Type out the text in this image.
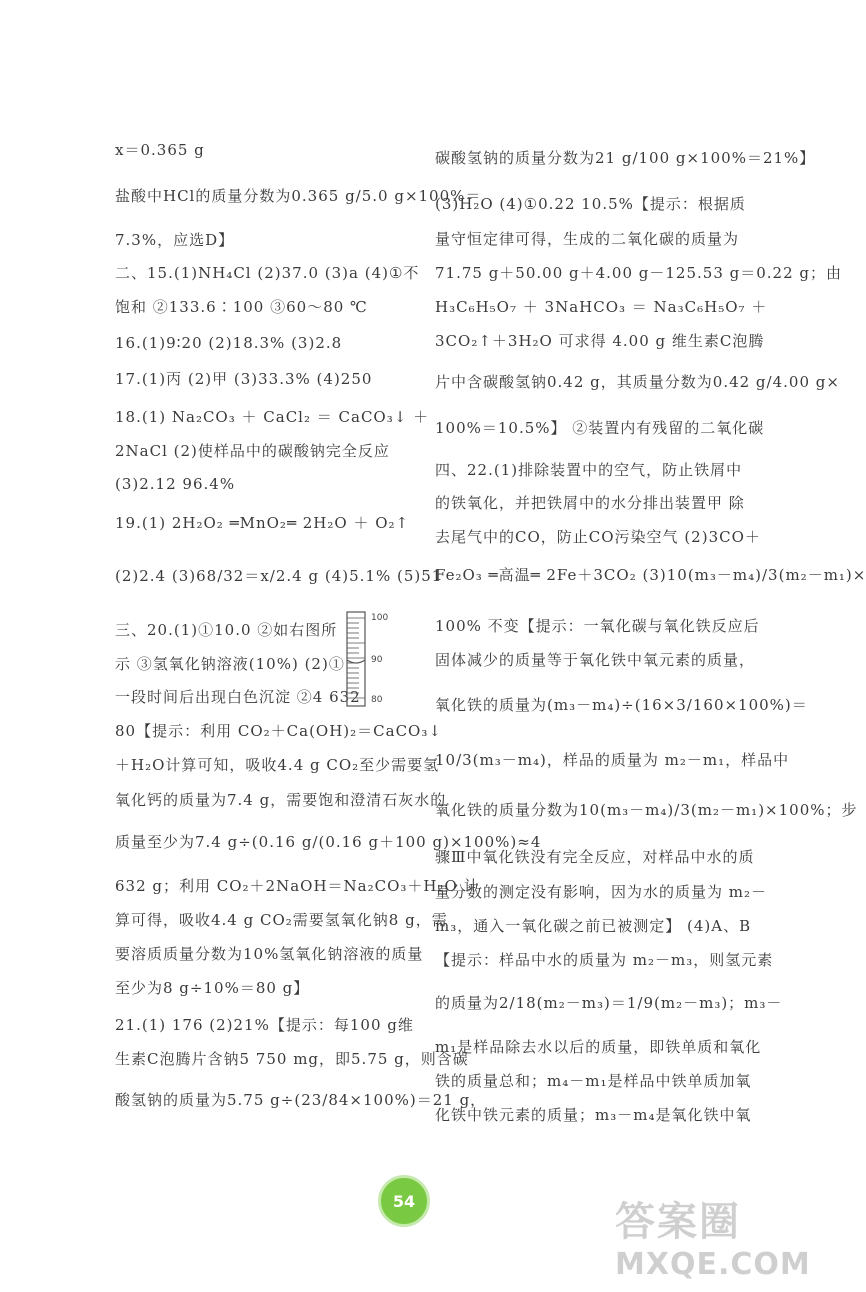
x＝0.365 g
盐酸中HCl的质量分数为0.365 g/5.0 g×100%＝
7.3%，应选D】
二、15.(1)NH₄Cl (2)37.0 (3)a (4)①不
饱和 ②133.6∶100 ③60～80 ℃
16.(1)9∶20 (2)18.3% (3)2.8
17.(1)丙 (2)甲 (3)33.3% (4)250
18.(1) Na₂CO₃ ＋ CaCl₂ ＝ CaCO₃↓ ＋
2NaCl (2)使样品中的碳酸钠完全反应
(3)2.12 96.4%
19.(1) 2H₂O₂ ═MnO₂═ 2H₂O ＋ O₂↑
(2)2.4 (3)68/32＝x/2.4 g (4)5.1% (5)51
三、20.(1)①10.0 ②如右图所
示 ③氢氧化钠溶液(10%) (2)①
一段时间后出现白色沉淀 ②4 632
80【提示：利用 CO₂＋Ca(OH)₂＝CaCO₃↓
＋H₂O计算可知，吸收4.4 g CO₂至少需要氢
氧化钙的质量为7.4 g，需要饱和澄清石灰水的
质量至少为7.4 g÷(0.16 g/(0.16 g＋100 g)×100%)≈4
632 g；利用 CO₂＋2NaOH＝Na₂CO₃＋H₂O 计
算可得，吸收4.4 g CO₂需要氢氧化钠8 g，需
要溶质质量分数为10%氢氧化钠溶液的质量
至少为8 g÷10%＝80 g】
21.(1) 176 (2)21%【提示：每100 g维
生素C泡腾片含钠5 750 mg，即5.75 g，则含碳
酸氢钠的质量为5.75 g÷(23/84×100%)＝21 g，
100
90
80
碳酸氢钠的质量分数为21 g/100 g×100%＝21%】
(3)H₂O (4)①0.22 10.5%【提示：根据质
量守恒定律可得，生成的二氧化碳的质量为
71.75 g＋50.00 g＋4.00 g－125.53 g＝0.22 g；由
H₃C₆H₅O₇ ＋ 3NaHCO₃ ＝ Na₃C₆H₅O₇ ＋
3CO₂↑＋3H₂O 可求得 4.00 g 维生素C泡腾
片中含碳酸氢钠0.42 g，其质量分数为0.42 g/4.00 g×
100%＝10.5%】 ②装置内有残留的二氧化碳
四、22.(1)排除装置中的空气，防止铁屑中
的铁氧化，并把铁屑中的水分排出装置甲 除
去尾气中的CO，防止CO污染空气 (2)3CO＋
Fe₂O₃ ═高温═ 2Fe＋3CO₂ (3)10(m₃－m₄)/3(m₂－m₁)×
100% 不变【提示：一氧化碳与氧化铁反应后
固体减少的质量等于氧化铁中氧元素的质量，
氧化铁的质量为(m₃－m₄)÷(16×3/160×100%)＝
10/3(m₃－m₄)，样品的质量为 m₂－m₁，样品中
氧化铁的质量分数为10(m₃－m₄)/3(m₂－m₁)×100%；步
骤Ⅲ中氧化铁没有完全反应，对样品中水的质
量分数的测定没有影响，因为水的质量为 m₂－
m₃，通入一氧化碳之前已被测定】 (4)A、B
【提示：样品中水的质量为 m₂－m₃，则氢元素
的质量为2/18(m₂－m₃)＝1/9(m₂－m₃)；m₃－
m₁是样品除去水以后的质量，即铁单质和氧化
铁的质量总和；m₄－m₁是样品中铁单质加氧
化铁中铁元素的质量；m₃－m₄是氧化铁中氧
54	答案圈
MXQE.COM
